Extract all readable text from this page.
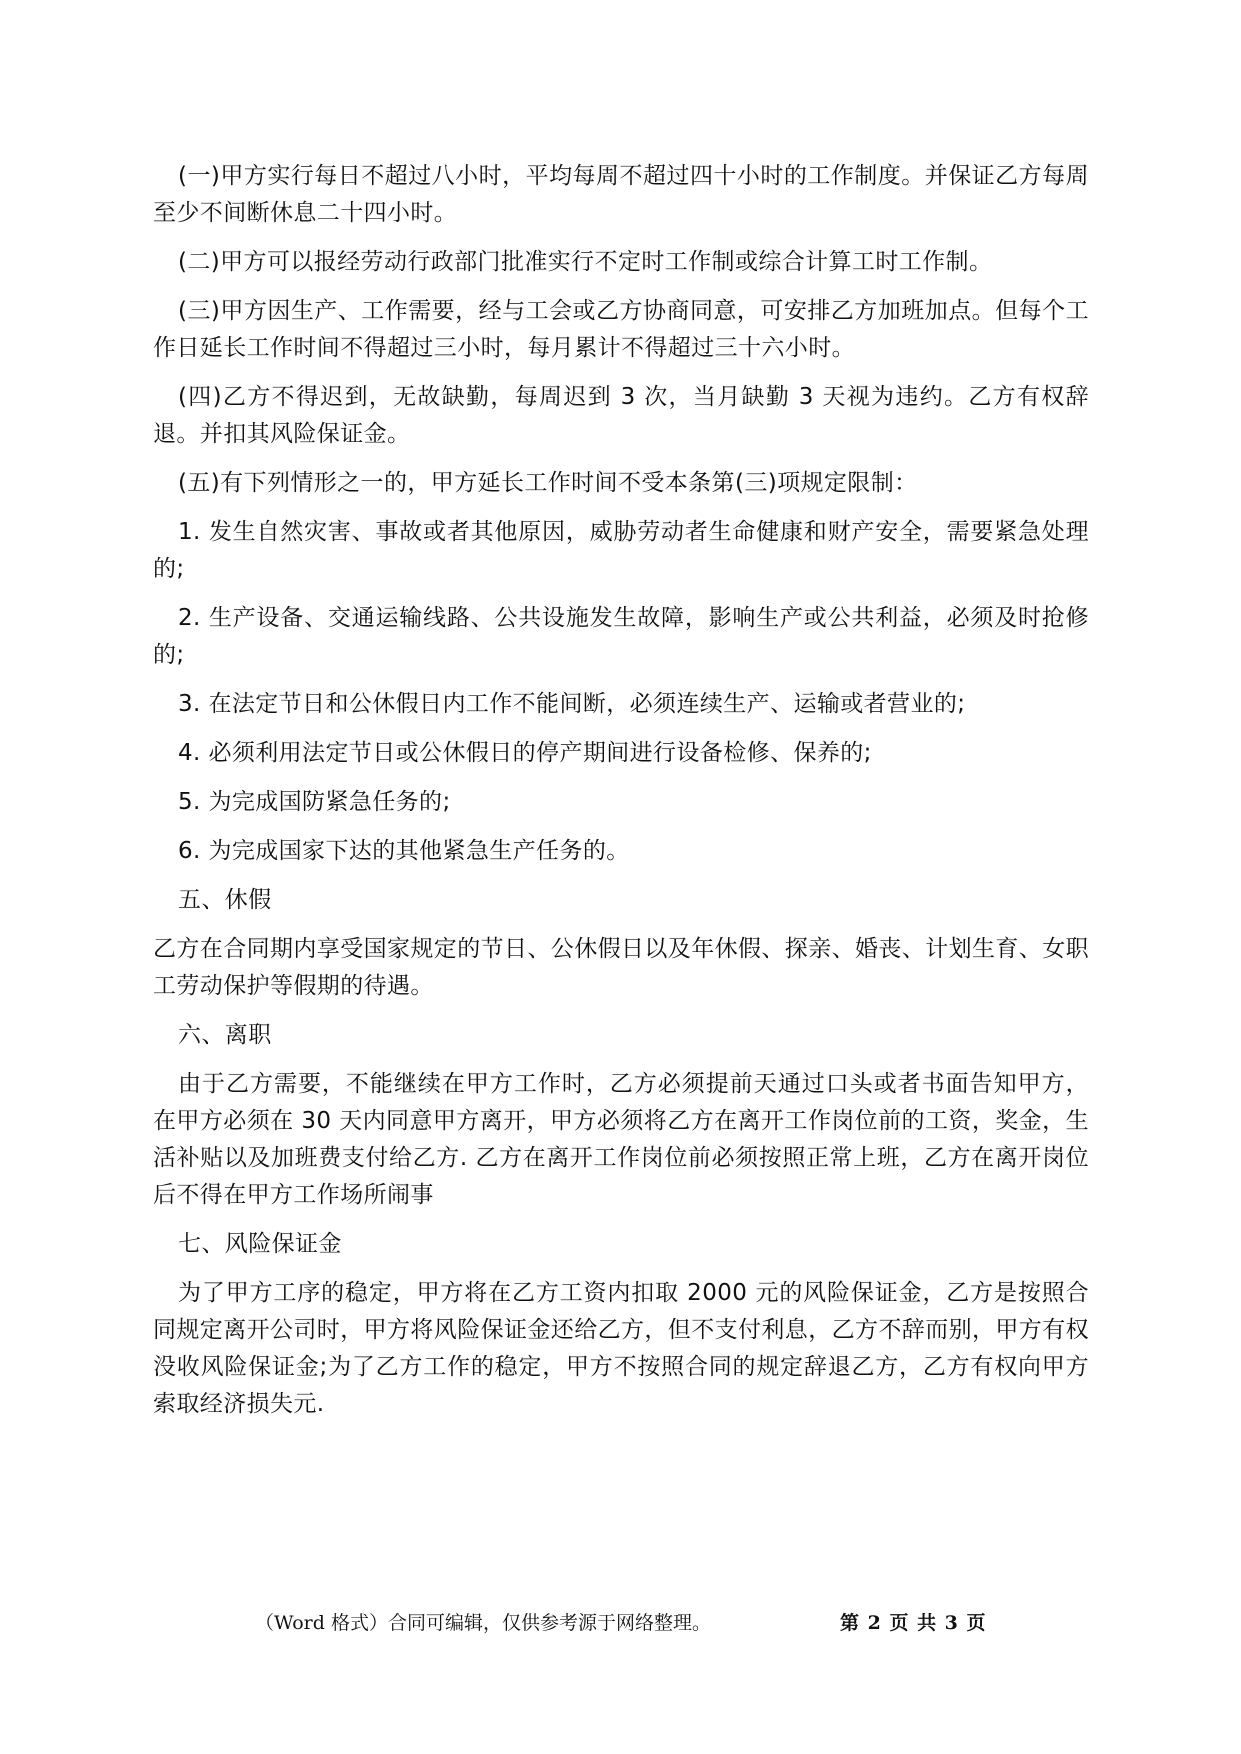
(一)甲方实行每日不超过八小时，平均每周不超过四十小时的工作制度。并保证乙方每周至少不间断休息二十四小时。

(二)甲方可以报经劳动行政部门批准实行不定时工作制或综合计算工时工作制。

(三)甲方因生产、工作需要，经与工会或乙方协商同意，可安排乙方加班加点。但每个工作日延长工作时间不得超过三小时，每月累计不得超过三十六小时。

(四)乙方不得迟到，无故缺勤，每周迟到 3 次，当月缺勤 3 天视为违约。乙方有权辞退。并扣其风险保证金。

(五)有下列情形之一的，甲方延长工作时间不受本条第(三)项规定限制：

1. 发生自然灾害、事故或者其他原因，威胁劳动者生命健康和财产安全，需要紧急处理的;

2. 生产设备、交通运输线路、公共设施发生故障，影响生产或公共利益，必须及时抢修的;

3. 在法定节日和公休假日内工作不能间断，必须连续生产、运输或者营业的;

4. 必须利用法定节日或公休假日的停产期间进行设备检修、保养的;

5. 为完成国防紧急任务的;

6. 为完成国家下达的其他紧急生产任务的。

五、休假

乙方在合同期内享受国家规定的节日、公休假日以及年休假、探亲、婚丧、计划生育、女职工劳动保护等假期的待遇。

六、离职

由于乙方需要，不能继续在甲方工作时，乙方必须提前天通过口头或者书面告知甲方，在甲方必须在 30 天内同意甲方离开，甲方必须将乙方在离开工作岗位前的工资，奖金，生活补贴以及加班费支付给乙方. 乙方在离开工作岗位前必须按照正常上班，乙方在离开岗位后不得在甲方工作场所闹事

七、风险保证金

为了甲方工序的稳定，甲方将在乙方工资内扣取 2000 元的风险保证金，乙方是按照合同规定离开公司时，甲方将风险保证金还给乙方，但不支付利息，乙方不辞而别，甲方有权没收风险保证金;为了乙方工作的稳定，甲方不按照合同的规定辞退乙方，乙方有权向甲方索取经济损失元.

（Word 格式）合同可编辑，仅供参考源于网络整理。	第 2 页 共 3 页
